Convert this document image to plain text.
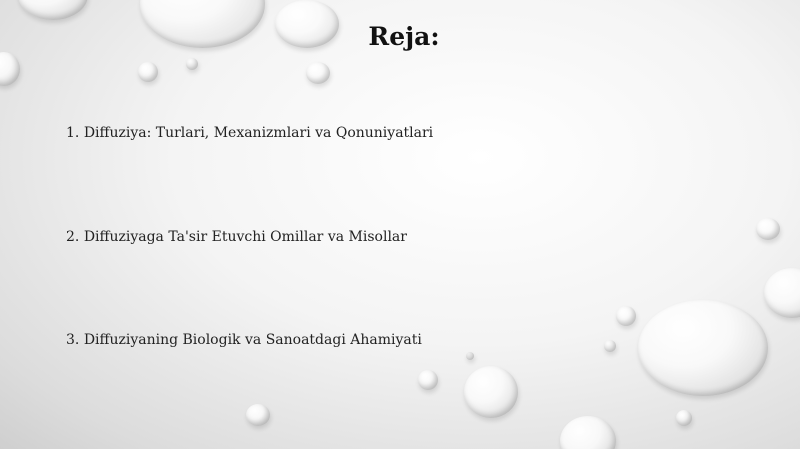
Reja:

1. Diffuziya: Turlari, Mexanizmlari va Qonuniyatlari

2. Diffuziyaga Ta'sir Etuvchi Omillar va Misollar

3. Diffuziyaning Biologik va Sanoatdagi Ahamiyati
